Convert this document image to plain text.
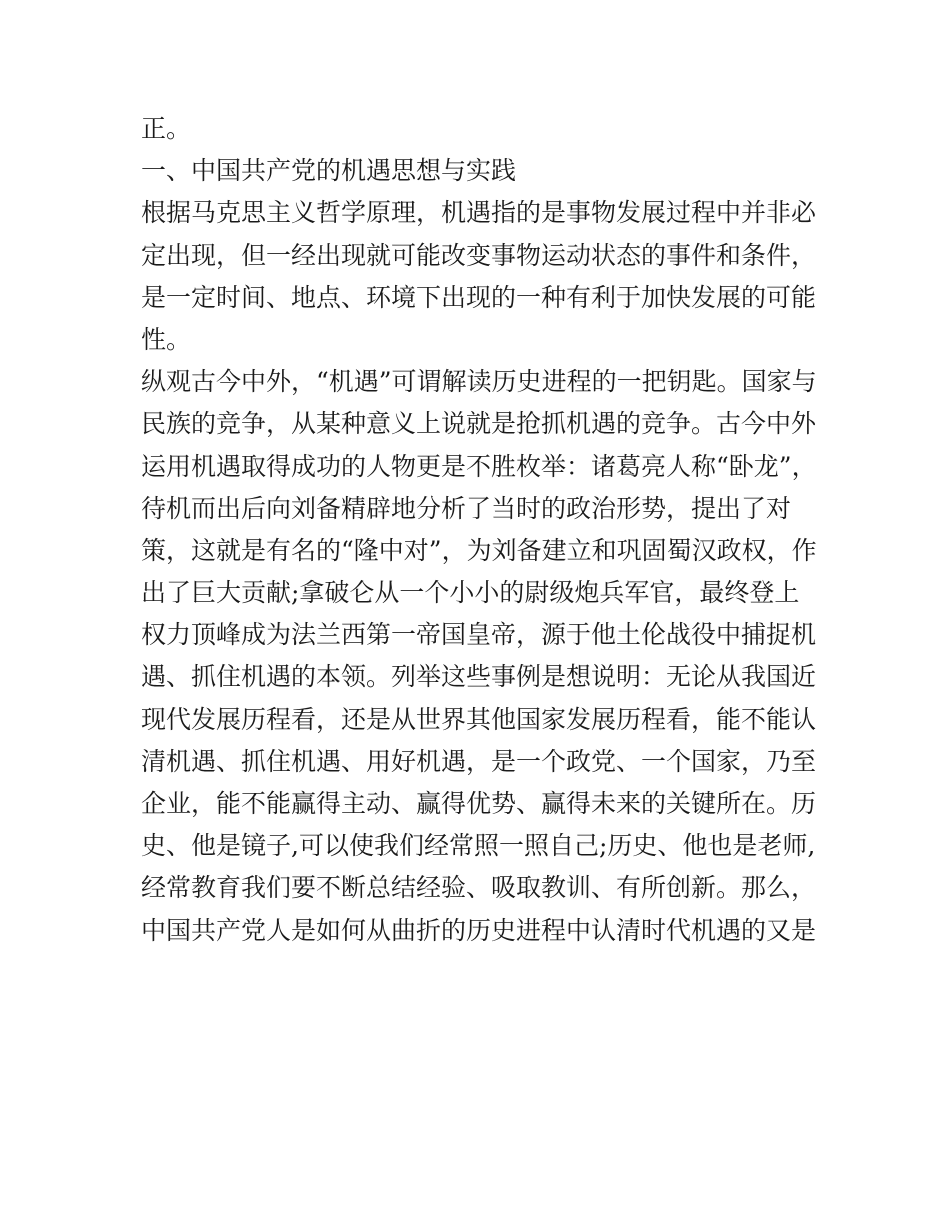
正。
一、中国共产党的机遇思想与实践
根据马克思主义哲学原理，机遇指的是事物发展过程中并非必
定出现，但一经出现就可能改变事物运动状态的事件和条件，
是一定时间、地点、环境下出现的一种有利于加快发展的可能
性。
纵观古今中外，“机遇”可谓解读历史进程的一把钥匙。国家与
民族的竞争，从某种意义上说就是抢抓机遇的竞争。古今中外
运用机遇取得成功的人物更是不胜枚举：诸葛亮人称“卧龙”，
待机而出后向刘备精辟地分析了当时的政治形势，提出了对
策，这就是有名的“隆中对”，为刘备建立和巩固蜀汉政权，作
出了巨大贡献;拿破仑从一个小小的尉级炮兵军官，最终登上
权力顶峰成为法兰西第一帝国皇帝，源于他土伦战役中捕捉机
遇、抓住机遇的本领。列举这些事例是想说明：无论从我国近
现代发展历程看，还是从世界其他国家发展历程看，能不能认
清机遇、抓住机遇、用好机遇，是一个政党、一个国家，乃至
企业，能不能赢得主动、赢得优势、赢得未来的关键所在。历
史、他是镜子,可以使我们经常照一照自己;历史、他也是老师,
经常教育我们要不断总结经验、吸取教训、有所创新。那么，
中国共产党人是如何从曲折的历史进程中认清时代机遇的又是
